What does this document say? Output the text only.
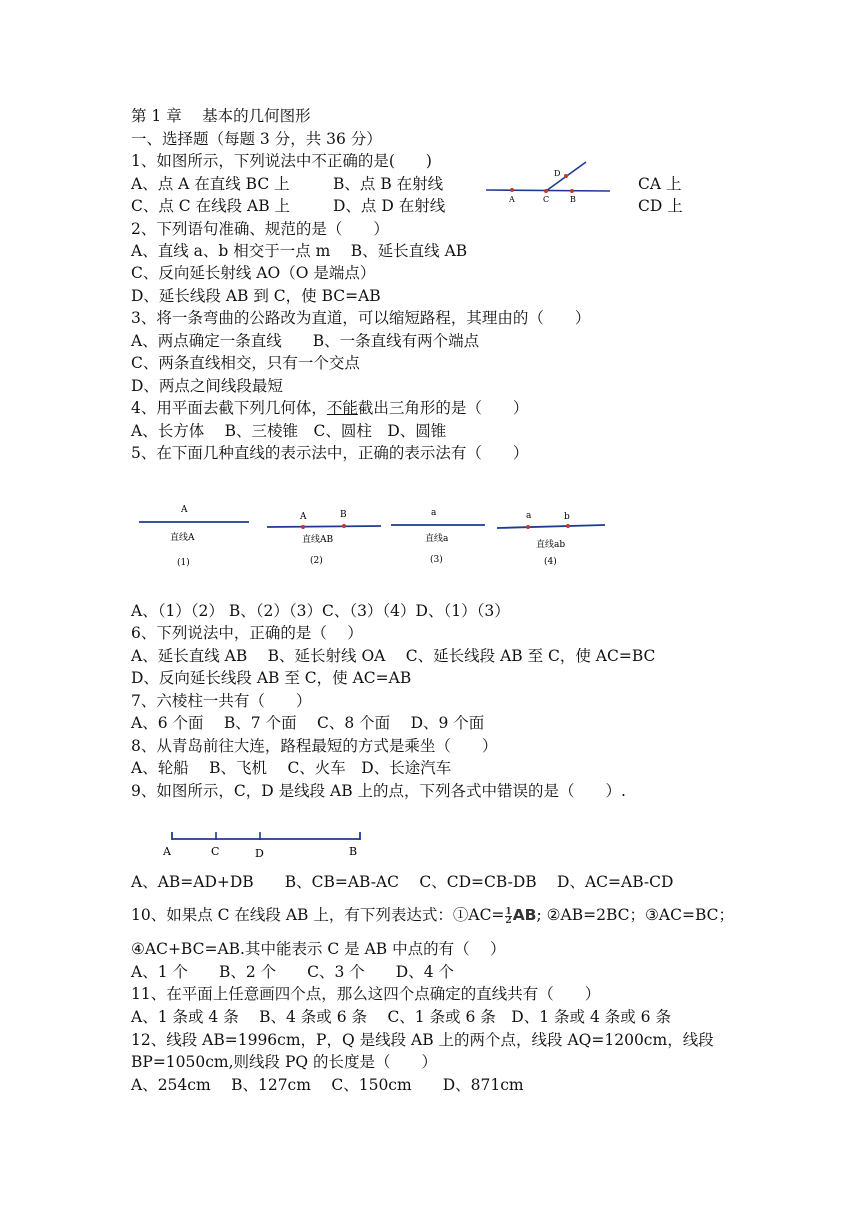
第 1 章　 基本的几何图形
一、选择题（每题 3 分，共 36 分）
1、如图所示，下列说法中不正确的是(　　)
A、点 A 在直线 BC 上	B、点 B 在射线	CA 上
C、点 C 在线段 AB 上	D、点 D 在射线	CD 上
A	C	B
D
2、下列语句准确、规范的是（　　）
A、直线 a、b 相交于一点 m　 B、延长直线 AB
C、反向延长射线 AO（O 是端点）
D、延长线段 AB 到 C，使 BC=AB
3、将一条弯曲的公路改为直道，可以缩短路程，其理由的（　　）
A、两点确定一条直线　　B、一条直线有两个端点
C、两条直线相交，只有一个交点
D、两点之间线段最短
4、用平面去截下列几何体，不能截出三角形的是（　　）
A、长方体　 B、三棱锥　C、圆柱　D、圆锥
5、在下面几种直线的表示法中，正确的表示法有（　　）
A
直线A
(1)
A	B
直线AB
(2)
a
直线a
(3)
a	b
直线ab
(4)
A、（1）（2） B、（2）（3）C、（3）（4）D、（1）（3）
6、下列说法中，正确的是（　 ）
A、延长直线 AB　 B、延长射线 OA　 C、延长线段 AB 至 C，使 AC=BC
D、反向延长线段 AB 至 C，使 AC=AB
7、六棱柱一共有（　　）
A、6 个面　 B、7 个面　 C、8 个面　 D、9 个面
8、从青岛前往大连，路程最短的方式是乘坐（　　）
A、轮船　 B、飞机　 C、火车　D、长途汽车
9、如图所示，C，D 是线段 AB 上的点，下列各式中错误的是（　　）.
A	C	D	B
A、AB=AD+DB　　B、CB=AB-AC　 C、CD=CB-DB　 D、AC=AB-CD
10、如果点 C 在线段 AB 上，有下列表达式：①AC= $\frac{1}{2}$ AB; ②AB=2BC；③AC=BC；
④AC+BC=AB.其中能表示 C 是 AB 中点的有（　 ）
A、1 个　　B、2 个　　C、3 个　　D、4 个
11、在平面上任意画四个点，那么这四个点确定的直线共有（　　）
A、1 条或 4 条　 B、4 条或 6 条　 C、1 条或 6 条　D、1 条或 4 条或 6 条
12、线段 AB=1996cm，P，Q 是线段 AB 上的两个点，线段 AQ=1200cm，线段
BP=1050cm,则线段 PQ 的长度是（　　）
A、254cm　 B、127cm　 C、150cm　　D、871cm
